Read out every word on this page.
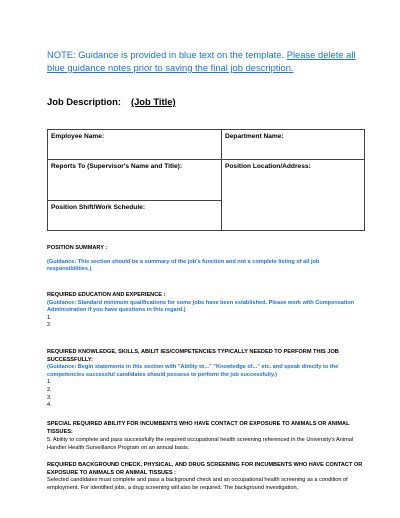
NOTE: Guidance is provided in blue text on the template. Please delete all blue guidance notes prior to saving the final job description.
Job Description: (Job Title)
Employee Name:	Department Name:
Reports To (Supervisor's Name and Title):	Position Location/Address:
Position Shift/Work Schedule:	
POSITION SUMMARY :
(Guidance: This section should be a summary of the job's function and not a complete listing of all job responsibilities.)
REQUIRED EDUCATION AND EXPERIENCE :
(Guidance: Standard minimum qualifications for some jobs have been established. Please work with Compensation Administration if you have questions in this regard.)
1.
2.
REQUIRED KNOWLEDGE, SKILLS, ABILIT IES/COMPETENCIES TYPICALLY NEEDED TO PERFORM THIS JOB SUCCESSFULLY:
(Guidance: Begin statements in this section with "Ability to..." "Knowledge of..." etc. and speak directly to the competencies successful candidates should possess to perform the job successfully.)
1.
2.
3.
4.
SPECIAL REQUIRED ABILITY FOR INCUMBENTS WHO HAVE CONTACT OR EXPOSURE TO ANIMALS OR ANIMAL TISSUES:
5. Ability to complete and pass successfully the required occupational health screening referenced in the University's Animal Handler Health Surveillance Program on an annual basis.
REQUIRED BACKGROUND CHECK, PHYSICAL, AND DRUG SCREENING FOR INCUMBENTS WHO HAVE CONTACT OR EXPOSURE TO ANIMALS OR ANIMAL TISSUES :
Selected candidates must complete and pass a background check and an occupational health screening as a condition of employment. For identified jobs, a drug screening will also be required. The background investigation,
